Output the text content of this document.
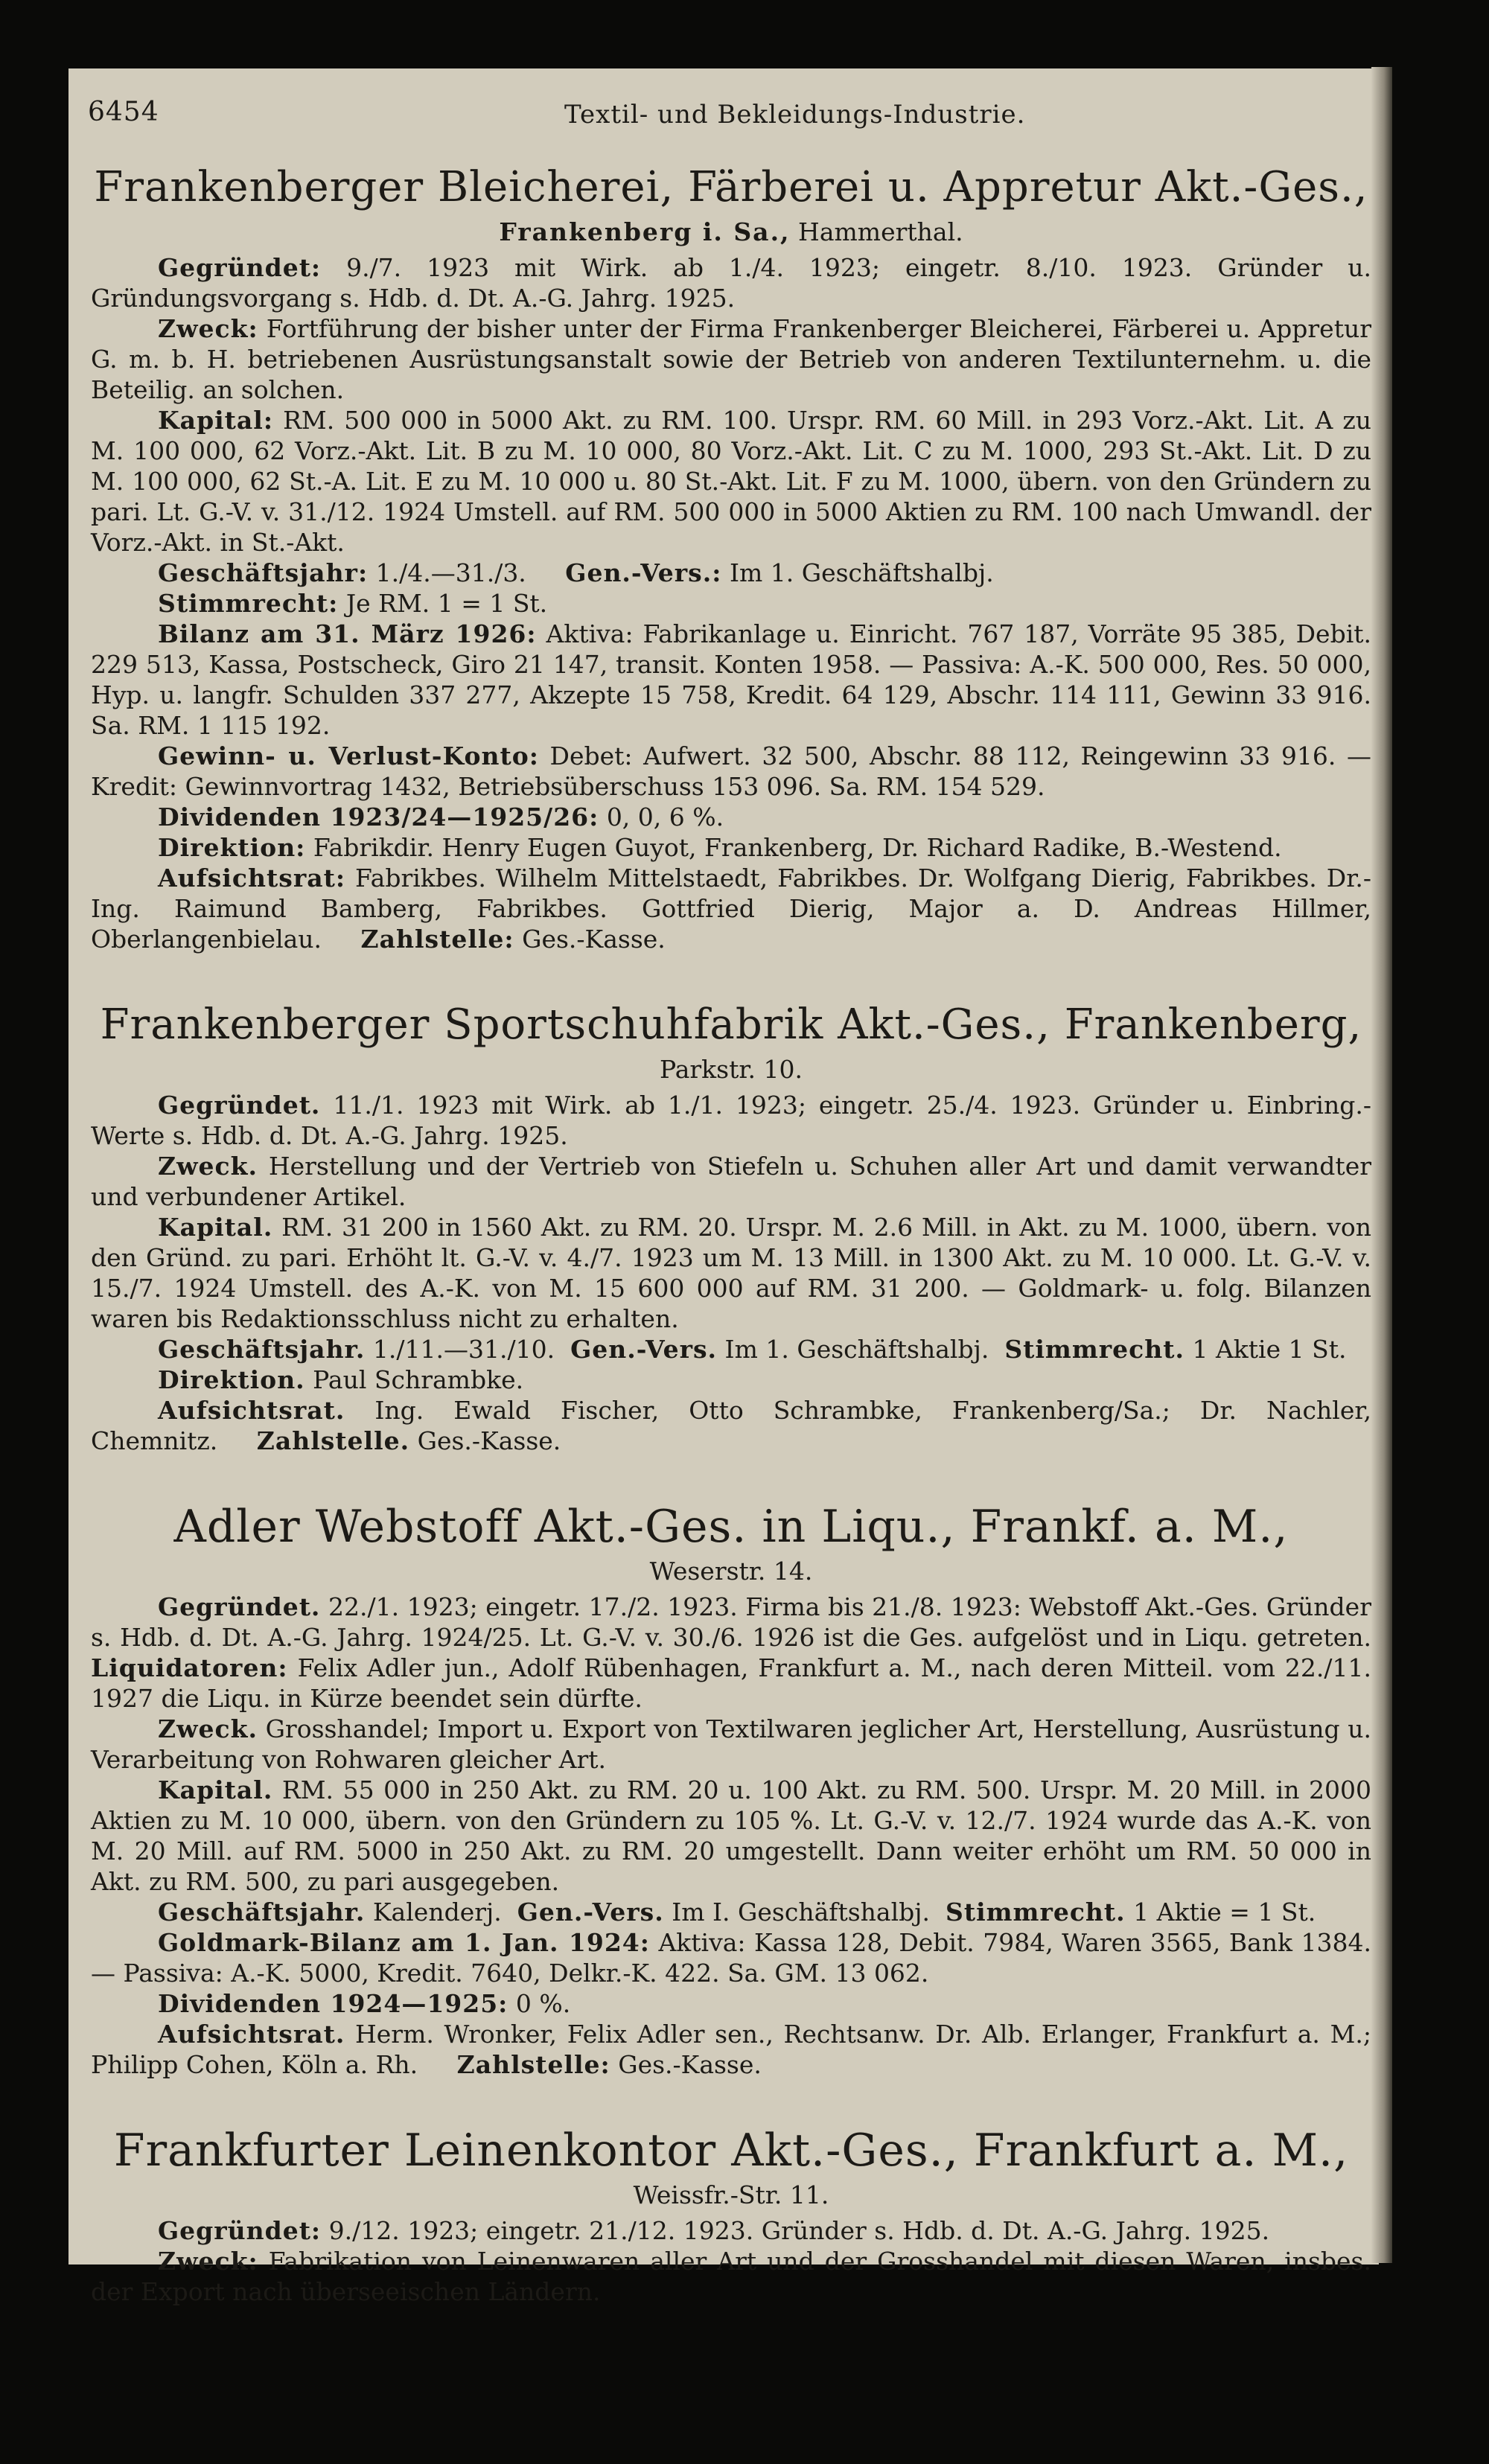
6454	Textil- und Bekleidungs-Industrie.
Frankenberger Bleicherei, Färberei u. Appretur Akt.-Ges.,

Frankenberg i. Sa., Hammerthal.

Gegründet: 9./7. 1923 mit Wirk. ab 1./4. 1923; eingetr. 8./10. 1923. Gründer u. Gründungsvorgang s. Hdb. d. Dt. A.-G. Jahrg. 1925.

Zweck: Fortführung der bisher unter der Firma Frankenberger Bleicherei, Färberei u. Appretur G. m. b. H. betriebenen Ausrüstungsanstalt sowie der Betrieb von anderen Textilunternehm. u. die Beteilig. an solchen.

Kapital: RM. 500 000 in 5000 Akt. zu RM. 100. Urspr. RM. 60 Mill. in 293 Vorz.-Akt. Lit. A zu M. 100 000, 62 Vorz.-Akt. Lit. B zu M. 10 000, 80 Vorz.-Akt. Lit. C zu M. 1000, 293 St.-Akt. Lit. D zu M. 100 000, 62 St.-A. Lit. E zu M. 10 000 u. 80 St.-Akt. Lit. F zu M. 1000, übern. von den Gründern zu pari. Lt. G.-V. v. 31./12. 1924 Umstell. auf RM. 500 000 in 5000 Aktien zu RM. 100 nach Umwandl. der Vorz.-Akt. in St.-Akt.

Geschäftsjahr: 1./4.—31./3. Gen.-Vers.: Im 1. Geschäftshalbj.

Stimmrecht: Je RM. 1 = 1 St.

Bilanz am 31. März 1926: Aktiva: Fabrikanlage u. Einricht. 767 187, Vorräte 95 385, Debit. 229 513, Kassa, Postscheck, Giro 21 147, transit. Konten 1958. — Passiva: A.-K. 500 000, Res. 50 000, Hyp. u. langfr. Schulden 337 277, Akzepte 15 758, Kredit. 64 129, Abschr. 114 111, Gewinn 33 916. Sa. RM. 1 115 192.

Gewinn- u. Verlust-Konto: Debet: Aufwert. 32 500, Abschr. 88 112, Reingewinn 33 916. — Kredit: Gewinnvortrag 1432, Betriebsüberschuss 153 096. Sa. RM. 154 529.

Dividenden 1923/24—1925/26: 0, 0, 6 %.

Direktion: Fabrikdir. Henry Eugen Guyot, Frankenberg, Dr. Richard Radike, B.-Westend.

Aufsichtsrat: Fabrikbes. Wilhelm Mittelstaedt, Fabrikbes. Dr. Wolfgang Dierig, Fabrikbes. Dr.-Ing. Raimund Bamberg, Fabrikbes. Gottfried Dierig, Major a. D. Andreas Hillmer, Oberlangenbielau. Zahlstelle: Ges.-Kasse.

Frankenberger Sportschuhfabrik Akt.-Ges., Frankenberg,

Parkstr. 10.

Gegründet. 11./1. 1923 mit Wirk. ab 1./1. 1923; eingetr. 25./4. 1923. Gründer u. Einbring.-Werte s. Hdb. d. Dt. A.-G. Jahrg. 1925.

Zweck. Herstellung und der Vertrieb von Stiefeln u. Schuhen aller Art und damit verwandter und verbundener Artikel.

Kapital. RM. 31 200 in 1560 Akt. zu RM. 20. Urspr. M. 2.6 Mill. in Akt. zu M. 1000, übern. von den Gründ. zu pari. Erhöht lt. G.-V. v. 4./7. 1923 um M. 13 Mill. in 1300 Akt. zu M. 10 000. Lt. G.-V. v. 15./7. 1924 Umstell. des A.-K. von M. 15 600 000 auf RM. 31 200. — Goldmark- u. folg. Bilanzen waren bis Redaktionsschluss nicht zu erhalten.

Geschäftsjahr. 1./11.—31./10. Gen.-Vers. Im 1. Geschäftshalbj. Stimmrecht. 1 Aktie 1 St.

Direktion. Paul Schrambke.

Aufsichtsrat. Ing. Ewald Fischer, Otto Schrambke, Frankenberg/Sa.; Dr. Nachler, Chemnitz. Zahlstelle. Ges.-Kasse.

Adler Webstoff Akt.-Ges. in Liqu., Frankf. a. M.,

Weserstr. 14.

Gegründet. 22./1. 1923; eingetr. 17./2. 1923. Firma bis 21./8. 1923: Webstoff Akt.-Ges. Gründer s. Hdb. d. Dt. A.-G. Jahrg. 1924/25. Lt. G.-V. v. 30./6. 1926 ist die Ges. aufgelöst und in Liqu. getreten. Liquidatoren: Felix Adler jun., Adolf Rübenhagen, Frankfurt a. M., nach deren Mitteil. vom 22./11. 1927 die Liqu. in Kürze beendet sein dürfte.

Zweck. Grosshandel; Import u. Export von Textilwaren jeglicher Art, Herstellung, Ausrüstung u. Verarbeitung von Rohwaren gleicher Art.

Kapital. RM. 55 000 in 250 Akt. zu RM. 20 u. 100 Akt. zu RM. 500. Urspr. M. 20 Mill. in 2000 Aktien zu M. 10 000, übern. von den Gründern zu 105 %. Lt. G.-V. v. 12./7. 1924 wurde das A.-K. von M. 20 Mill. auf RM. 5000 in 250 Akt. zu RM. 20 umgestellt. Dann weiter erhöht um RM. 50 000 in Akt. zu RM. 500, zu pari ausgegeben.

Geschäftsjahr. Kalenderj. Gen.-Vers. Im I. Geschäftshalbj. Stimmrecht. 1 Aktie = 1 St.

Goldmark-Bilanz am 1. Jan. 1924: Aktiva: Kassa 128, Debit. 7984, Waren 3565, Bank 1384. — Passiva: A.-K. 5000, Kredit. 7640, Delkr.-K. 422. Sa. GM. 13 062.

Dividenden 1924—1925: 0 %.

Aufsichtsrat. Herm. Wronker, Felix Adler sen., Rechtsanw. Dr. Alb. Erlanger, Frankfurt a. M.; Philipp Cohen, Köln a. Rh. Zahlstelle: Ges.-Kasse.

Frankfurter Leinenkontor Akt.-Ges., Frankfurt a. M.,

Weissfr.-Str. 11.

Gegründet: 9./12. 1923; eingetr. 21./12. 1923. Gründer s. Hdb. d. Dt. A.-G. Jahrg. 1925.

Zweck: Fabrikation von Leinenwaren aller Art und der Grosshandel mit diesen Waren, insbes. der Export nach überseeischen Ländern.
